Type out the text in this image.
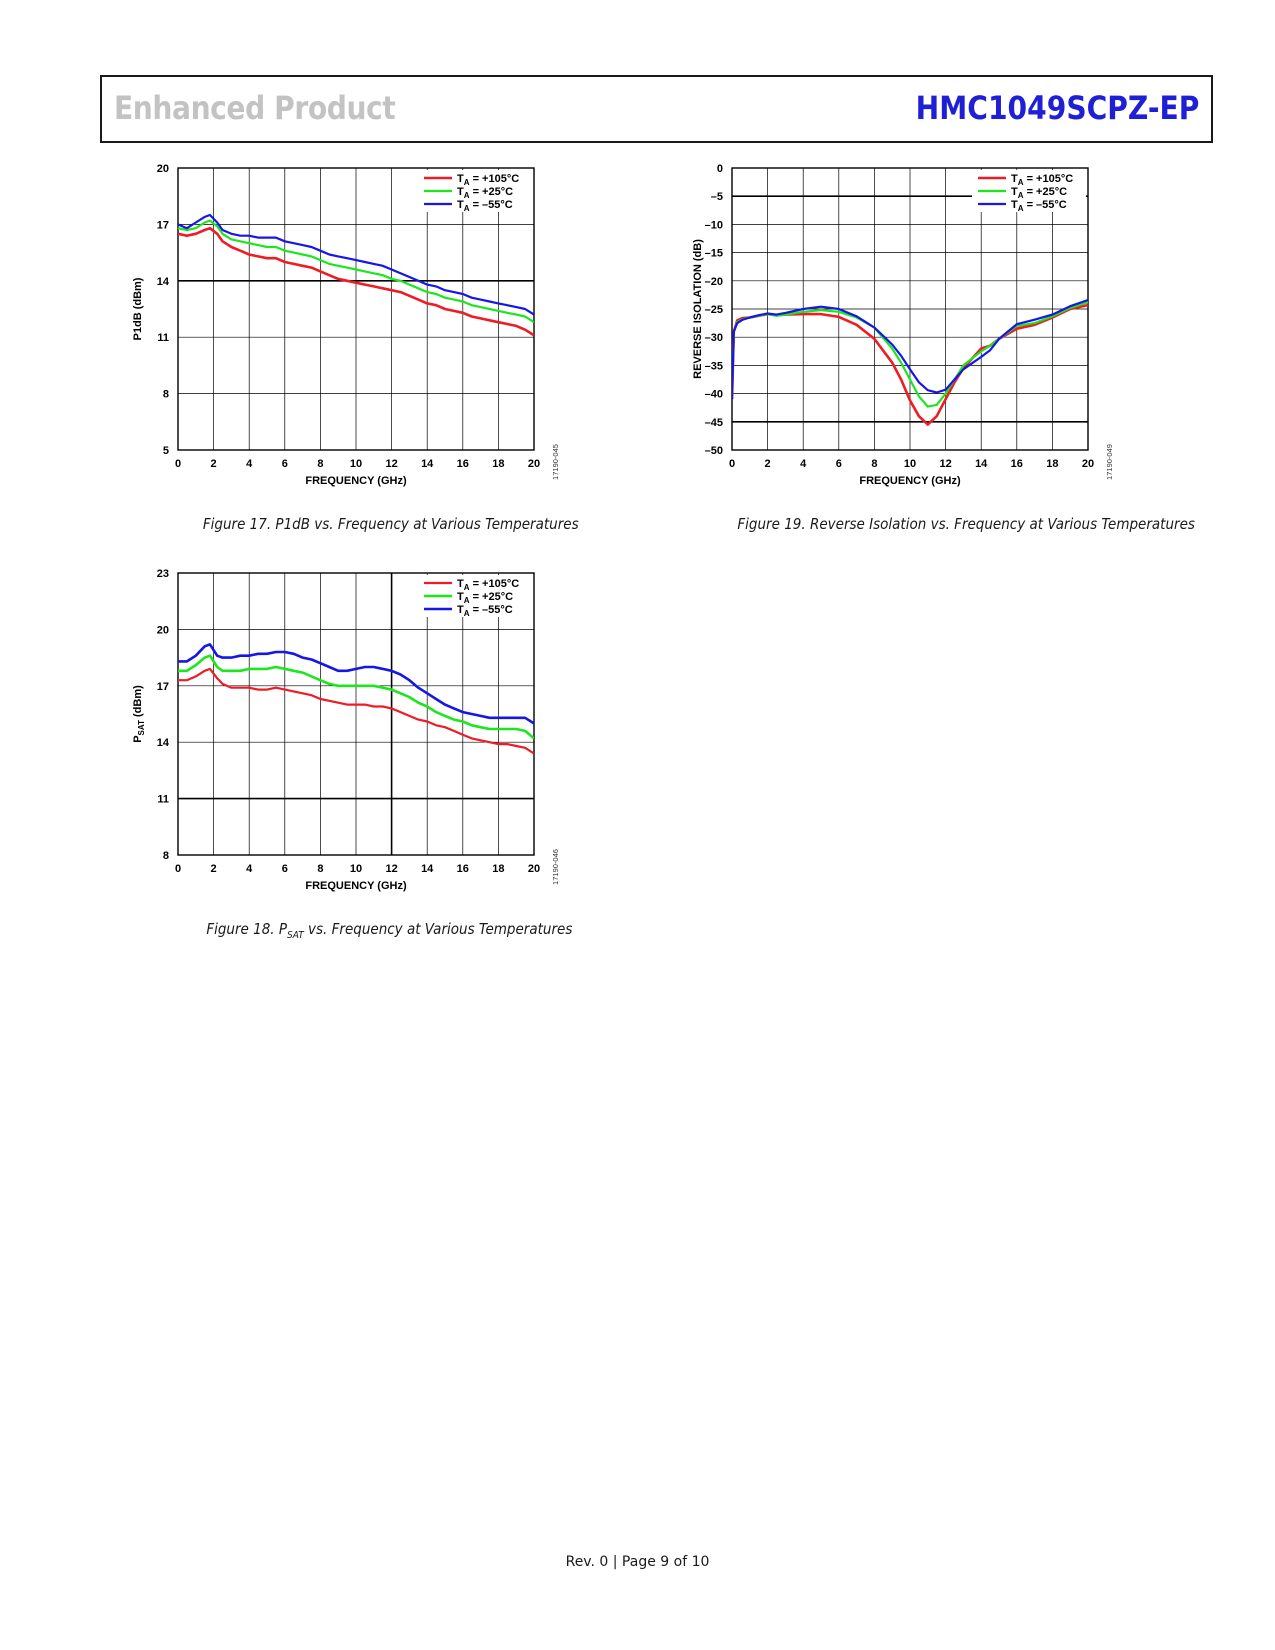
Enhanced Product	HMC1049SCPZ-EP
0	2	4	6	8 10 12 14 16 18 20
5
8
11
14
17
20
FREQUENCY (GHz)
P1dB (dBm)
17190-045
$T_A = +105^\circ C$
$T_A = +25^\circ C$
$T_A = -55^\circ C$
Figure 17. P1dB vs. Frequency at Various Temperatures
0	2	4	6	8 10 12 14 16 18 20
8
11
14
17
20
23
FREQUENCY (GHz)
$P_{SAT}$ (dBm)
17190-046
$T_A = +105^\circ C$
$T_A = +25^\circ C$
$T_A = -55^\circ C$
Figure 18. $P_{SAT}$ vs. Frequency at Various Temperatures
0	2	4	6	8 10 12 14 16 18 20
–50
–45
–40
–35
–30
–25
–20
–15
–10
–5
0
FREQUENCY (GHz)
REVERSE ISOLATION (dB)
17190-049
$T_A = +105^\circ C$
$T_A = +25^\circ C$
$T_A = -55^\circ C$
Figure 19. Reverse Isolation vs. Frequency at Various Temperatures
Rev. 0 | Page 9 of 10
